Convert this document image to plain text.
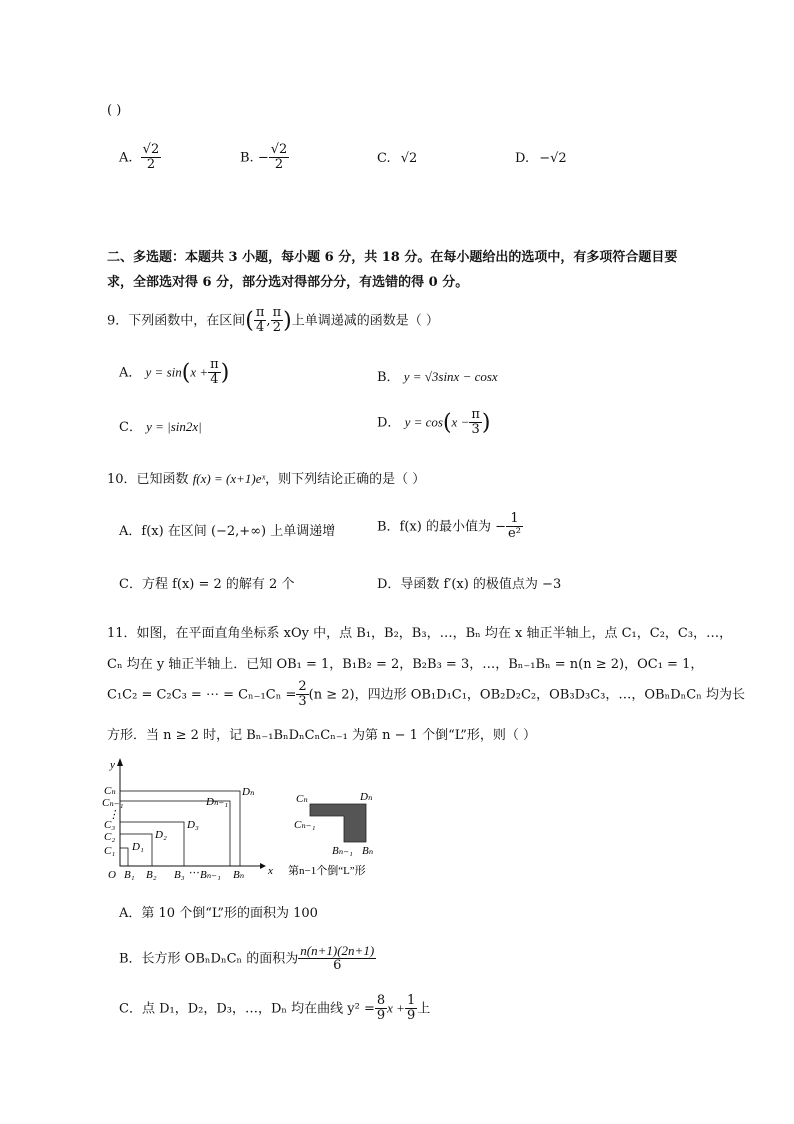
( )
A. $\frac{√2}{2}$	B. − $\frac{√2}{2}$	C. √2	D. −√2
二、多选题：本题共 3 小题，每小题 6 分，共 18 分。在每小题给出的选项中，有多项符合题目要
求，全部选对得 6 分，部分选对得部分分，有选错的得 0 分。
9．下列函数中，在区间( $\frac{\pi}{4}$ , $\frac{\pi}{2}$ )上单调递减的函数是（ ）
A． $y = \sin(x + \frac{\pi}{4}$ )	B． y = √3sinx − cosx
C． y = |sin2x|	D． $y = \cos(x - \frac{\pi}{3}$ )
10．已知函数 f(x) = (x+1)eˣ，则下列结论正确的是（ ）
A．f(x) 在区间 (−2,+∞) 上单调递增	B．f(x) 的最小值为 − $\frac{1}{\text{e²}}$
C．方程 f(x) = 2 的解有 2 个	D．导函数 f′(x) 的极值点为 −3
11．如图，在平面直角坐标系 xOy 中，点 B₁，B₂，B₃，…，Bₙ 均在 x 轴正半轴上，点 C₁，C₂，C₃，…，
Cₙ 均在 y 轴正半轴上．已知 OB₁ = 1，B₁B₂ = 2，B₂B₃ = 3，…，Bₙ₋₁Bₙ = n(n ≥ 2)，OC₁ = 1，
C₁C₂ = C₂C₃ = ⋯ = $C_{n-1}C_n = \frac{2}{3} (n \ge 2)$，四边形 OB₁D₁C₁，OB₂D₂C₂，OB₃D₃C₃，…，OBₙDₙCₙ 均为长
方形．当 n ≥ 2 时，记 Bₙ₋₁BₙDₙCₙCₙ₋₁ 为第 n − 1 个倒“L”形，则（ ）
x
y
O B₁ B₂ B₃ ⋯ Bₙ₋₁ Bₙ
Cₙ
Cₙ₋₁
⋮
C₃
C₂
C₁ D₁
D₂
D₃
Dₙ₋₁
Dₙ
Cₙ	Dₙ
Cₙ₋₁
Bₙ₋₁ Bₙ
第n−1个倒“L”形
A．第 10 个倒“L”形的面积为 100
B．长方形 OBₙDₙCₙ 的面积为 $\frac{n(n+1)(2n+1)}{6}$
C．点 D₁，D₂，D₃，…，Dₙ 均在曲线 $y^2 = \frac{8}{9}$ $x + \frac{1}{9}$ 上
